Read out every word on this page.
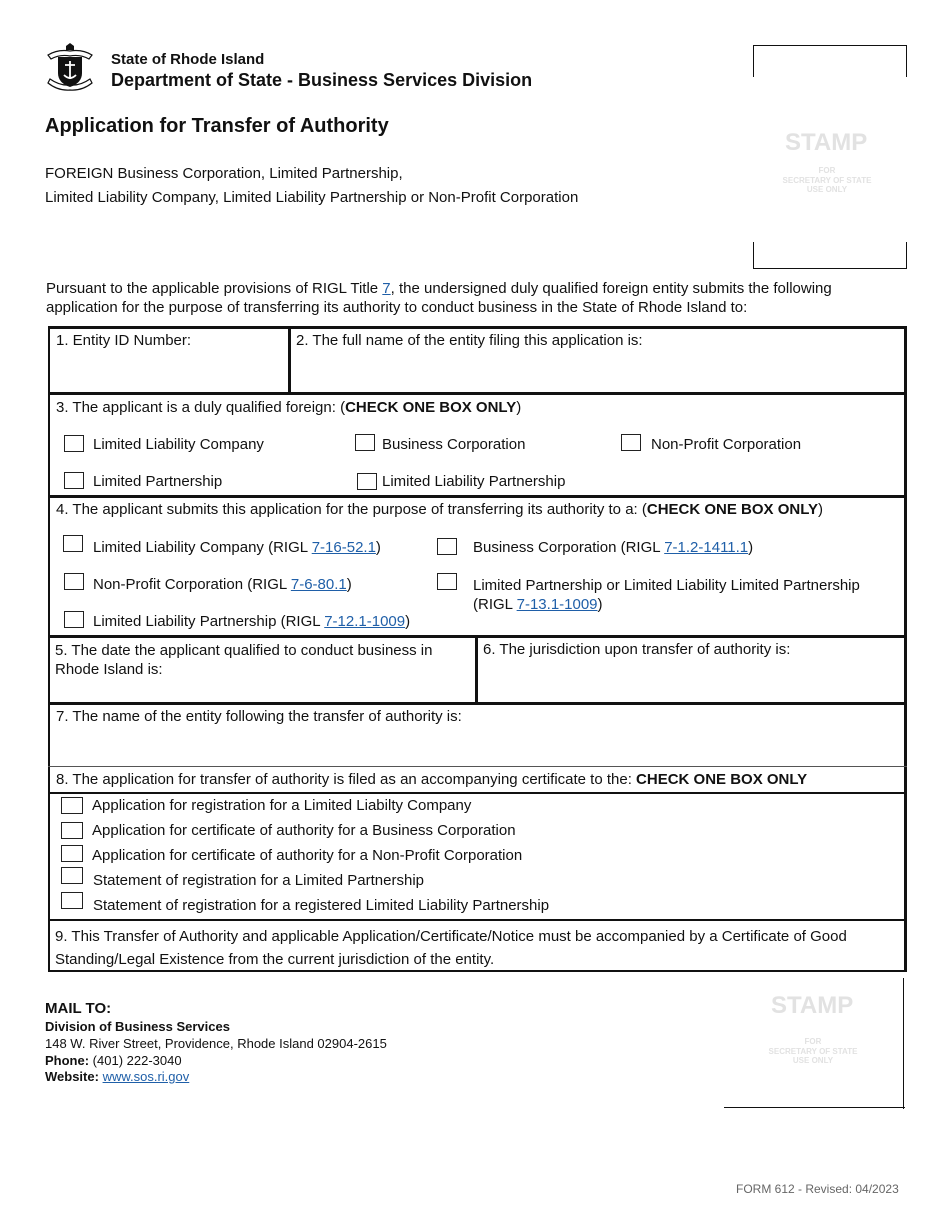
State of Rhode Island
Department of State - Business Services Division
Application for Transfer of Authority
FOREIGN Business Corporation, Limited Partnership,
Limited Liability Company, Limited Liability Partnership or Non-Profit Corporation
STAMP
FOR
SECRETARY OF STATE
USE ONLY
Pursuant to the applicable provisions of RIGL Title 7, the undersigned duly qualified foreign entity submits the following
application for the purpose of transferring its authority to conduct business in the State of Rhode Island to:
1. Entity ID Number:	2. The full name of the entity filing this application is:
3. The applicant is a duly qualified foreign: (CHECK ONE BOX ONLY)
Limited Liability Company	Business Corporation	Non-Profit Corporation
Limited Partnership	Limited Liability Partnership
4. The applicant submits this application for the purpose of transferring its authority to a: (CHECK ONE BOX ONLY)
Limited Liability Company (RIGL 7-16-52.1)	Business Corporation (RIGL 7-1.2-1411.1)
Non-Profit Corporation (RIGL 7-6-80.1)	Limited Partnership or Limited Liability Limited Partnership
(RIGL 7-13.1-1009)
Limited Liability Partnership (RIGL 7-12.1-1009)
5. The date the applicant qualified to conduct business in
Rhode Island is:
6. The jurisdiction upon transfer of authority is:
7. The name of the entity following the transfer of authority is:
8. The application for transfer of authority is filed as an accompanying certificate to the: CHECK ONE BOX ONLY
Application for registration for a Limited Liabilty Company
Application for certificate of authority for a Business Corporation
Application for certificate of authority for a Non-Profit Corporation
Statement of registration for a Limited Partnership
Statement of registration for a registered Limited Liability Partnership
9. This Transfer of Authority and applicable Application/Certificate/Notice must be accompanied by a Certificate of Good
Standing/Legal Existence from the current jurisdiction of the entity.
MAIL TO:
Division of Business Services
148 W. River Street, Providence, Rhode Island 02904-2615
Phone: (401) 222-3040
Website: www.sos.ri.gov
STAMP
FOR
SECRETARY OF STATE
USE ONLY
FORM 612 - Revised: 04/2023
